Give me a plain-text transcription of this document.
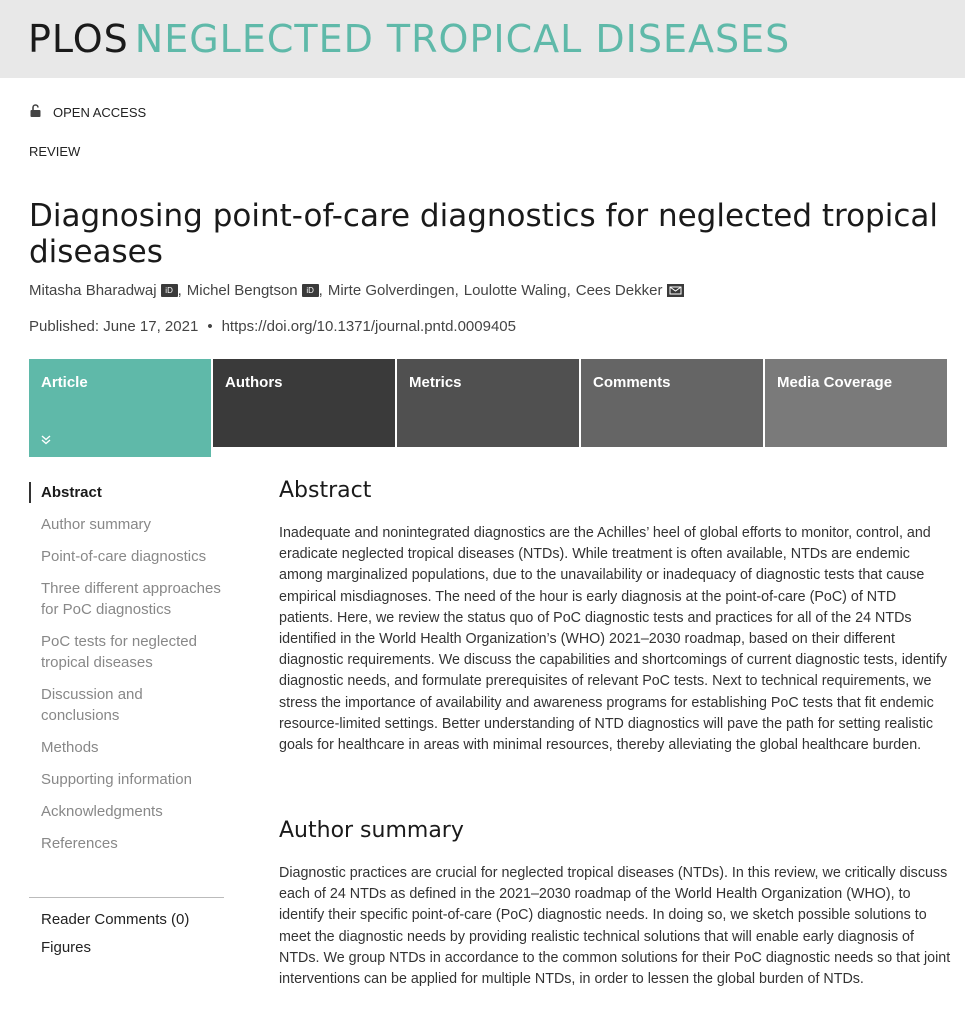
PLOS NEGLECTED TROPICAL DISEASES
OPEN ACCESS
REVIEW
Diagnosing point-of-care diagnostics for neglected tropical diseases
Mitasha Bharadwaj	iD , Michel Bengtson	iD , Mirte Golverdingen , Loulotte Waling , Cees Dekker
Published: June 17, 2021 • https://doi.org/10.1371/journal.pntd.0009405
Article	Authors	Metrics	Comments	Media Coverage
Abstract
Author summary
Point-of-care diagnostics
Three different approaches for PoC diagnostics
PoC tests for neglected tropical diseases
Discussion and conclusions
Methods
Supporting information
Acknowledgments
References
Reader Comments (0)
Figures
Abstract

Inadequate and nonintegrated diagnostics are the Achilles’ heel of global efforts to monitor, control, and eradicate neglected tropical diseases (NTDs). While treatment is often available, NTDs are endemic among marginalized populations, due to the unavailability or inadequacy of diagnostic tests that cause empirical misdiagnoses. The need of the hour is early diagnosis at the point-of-care (PoC) of NTD patients. Here, we review the status quo of PoC diagnostic tests and practices for all of the 24 NTDs identified in the World Health Organization’s (WHO) 2021–2030 roadmap, based on their different diagnostic requirements. We discuss the capabilities and shortcomings of current diagnostic tests, identify diagnostic needs, and formulate prerequisites of relevant PoC tests. Next to technical requirements, we stress the importance of availability and awareness programs for establishing PoC tests that fit endemic resource-limited settings. Better understanding of NTD diagnostics will pave the path for setting realistic goals for healthcare in areas with minimal resources, thereby alleviating the global healthcare burden.

Author summary

Diagnostic practices are crucial for neglected tropical diseases (NTDs). In this review, we critically discuss each of 24 NTDs as defined in the 2021–2030 roadmap of the World Health Organization (WHO), to identify their specific point-of-care (PoC) diagnostic needs. In doing so, we sketch possible solutions to meet the diagnostic needs by providing realistic technical solutions that will enable early diagnosis of NTDs. We group NTDs in accordance to the common solutions for their PoC diagnostic needs so that joint interventions can be applied for multiple NTDs, in order to lessen the global burden of NTDs.
